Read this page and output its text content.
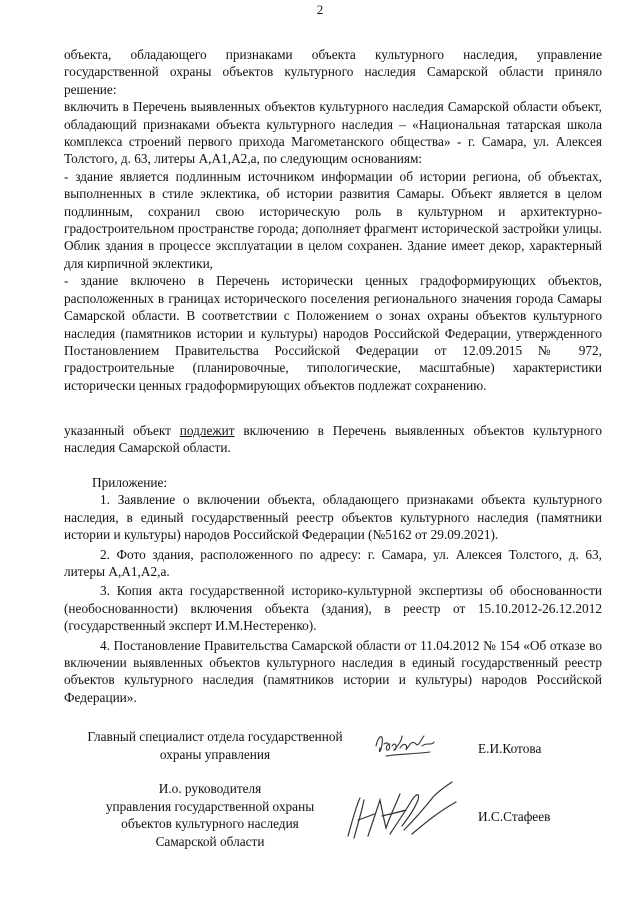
2

объекта, обладающего признаками объекта культурного наследия, управление государственной охраны объектов культурного наследия Самарской области приняло решение:

включить в Перечень выявленных объектов культурного наследия Самарской области объект, обладающий признаками объекта культурного наследия – «Национальная татарская школа комплекса строений первого прихода Магометанского общества» - г. Самара, ул. Алексея Толстого, д. 63, литеры А,А1,А2,а, по следующим основаниям:

- здание является подлинным источником информации об истории региона, об объектах, выполненных в стиле эклектика, об истории развития Самары. Объект является в целом подлинным, сохранил свою историческую роль в культурном и архитектурно-градостроительном пространстве города; дополняет фрагмент исторической застройки улицы. Облик здания в процессе эксплуатации в целом сохранен. Здание имеет декор, характерный для кирпичной эклектики,

- здание включено в Перечень исторически ценных градоформирующих объектов, расположенных в границах исторического поселения регионального значения города Самары Самарской области. В соответствии с Положением о зонах охраны объектов культурного наследия (памятников истории и культуры) народов Российской Федерации, утвержденного Постановлением Правительства Российской Федерации от 12.09.2015 № 972, градостроительные (планировочные, типологические, масштабные) характеристики исторически ценных градоформирующих объектов подлежат сохранению.

указанный объект подлежит включению в Перечень выявленных объектов культурного наследия Самарской области.

Приложение:

1. Заявление о включении объекта, обладающего признаками объекта культурного наследия, в единый государственный реестр объектов культурного наследия (памятники истории и культуры) народов Российской Федерации (№5162 от 29.09.2021).

2. Фото здания, расположенного по адресу: г. Самара, ул. Алексея Толстого, д. 63, литеры А,А1,А2,а.

3. Копия акта государственной историко-культурной экспертизы об обоснованности (необоснованности) включения объекта (здания), в реестр от 15.10.2012-26.12.2012 (государственный эксперт И.М.Нестеренко).

4. Постановление Правительства Самарской области от 11.04.2012 № 154 «Об отказе во включении выявленных объектов культурного наследия в единый государственный реестр объектов культурного наследия (памятников истории и культуры) народов Российской Федерации».

Главный специалист отдела государственной

охраны управления	Е.И.Котова

И.о. руководителя

управления государственной охраны

объектов культурного наследия

Самарской области

И.С.Стафеев
